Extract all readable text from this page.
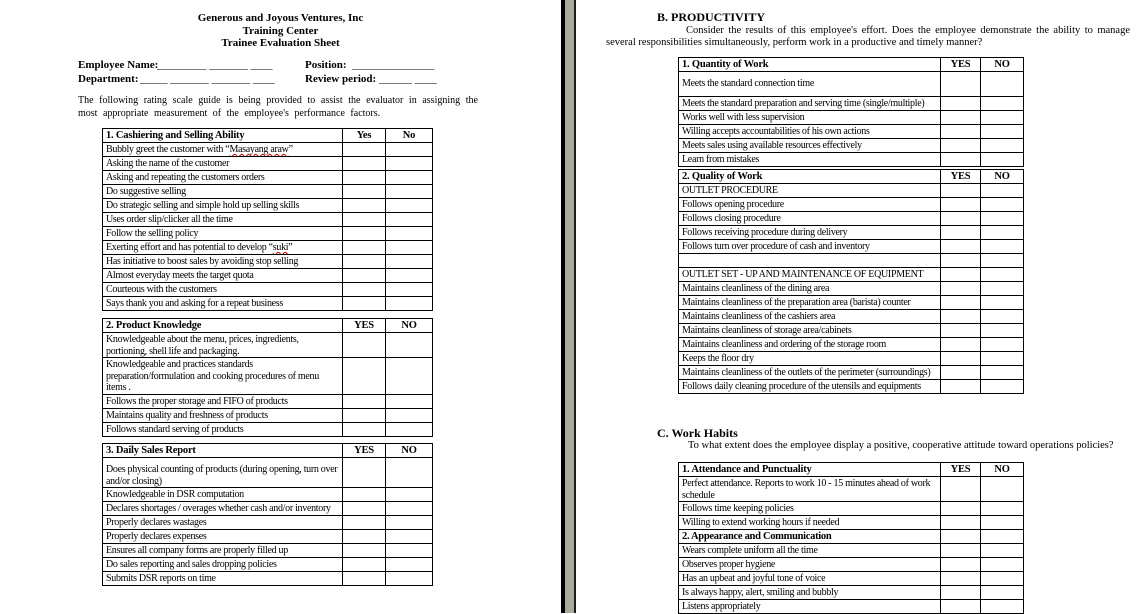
Generous and Joyous Ventures, Inc
Training Center
Trainee Evaluation Sheet
Employee Name:
_________ _______ ____	Position: _______________
Department: _____ _______ _______ ____	Review period: ______ ____
The following rating scale guide is being provided to assist the evaluator in assigning the most appropriate measurement of the employee's performance factors.
1. Cashiering and Selling Ability	Yes	No
Bubbly greet the customer with “Masayang araw”		
Asking the name of the customer		
Asking and repeating the customers orders		
Do suggestive selling		
Do strategic selling and simple hold up selling skills		
Uses order slip/clicker all the time		
Follow the selling policy		
Exerting effort and has potential to develop “suki”		
Has initiative to boost sales by avoiding stop selling		
Almost everyday meets the target quota		
Courteous with the customers		
Says thank you and asking for a repeat business		
2. Product Knowledge	YES	NO
Knowledgeable about the menu, prices, ingredients, portioning, shell life and packaging.		
Knowledgeable and practices standards preparation/formulation and cooking procedures of menu items .		
Follows the proper storage and FIFO of products		
Maintains quality and freshness of products		
Follows standard serving of products		
3. Daily Sales Report	YES	NO
Does physical counting of products (during opening, turn over and/or closing)		
Knowledgeable in DSR computation		
Declares shortages / overages whether cash and/or inventory		
Properly declares wastages		
Properly declares expenses		
Ensures all company forms are properly filled up		
Do sales reporting and sales dropping policies		
Submits DSR reports on time		
B. PRODUCTIVITY
Consider the results of this employee's effort. Does the employee demonstrate the ability to manage several responsibilities simultaneously, perform work in a productive and timely manner?
1. Quantity of Work	YES	NO
Meets the standard connection time		
Meets the standard preparation and serving time (single/multiple)		
Works well with less supervision		
Willing accepts accountabilities of his own actions		
Meets sales using available resources effectively		
Learn from mistakes		
2. Quality of Work	YES	NO
OUTLET PROCEDURE		
Follows opening procedure		
Follows closing procedure		
Follows receiving procedure during delivery		
Follows turn over procedure of cash and inventory		

OUTLET SET - UP AND MAINTENANCE OF EQUIPMENT		
Maintains cleanliness of the dining area		
Maintains cleanliness of the preparation area (barista) counter		
Maintains cleanliness of the cashiers area		
Maintains cleanliness of storage area/cabinets		
Maintains cleanliness and ordering of the storage room		
Keeps the floor dry		
Maintains cleanliness of the outlets of the perimeter (surroundings)		
Follows daily cleaning procedure of the utensils and equipments		
C. Work Habits
To what extent does the employee display a positive, cooperative attitude toward operations policies?
1. Attendance and Punctuality	YES	NO
Perfect attendance. Reports to work 10 - 15 minutes ahead of work schedule		
Follows time keeping policies		
Willing to extend working hours if needed		
2. Appearance and Communication		
Wears complete uniform all the time		
Observes proper hygiene		
Has an upbeat and joyful tone of voice		
Is always happy, alert, smiling and bubbly		
Listens appropriately		
